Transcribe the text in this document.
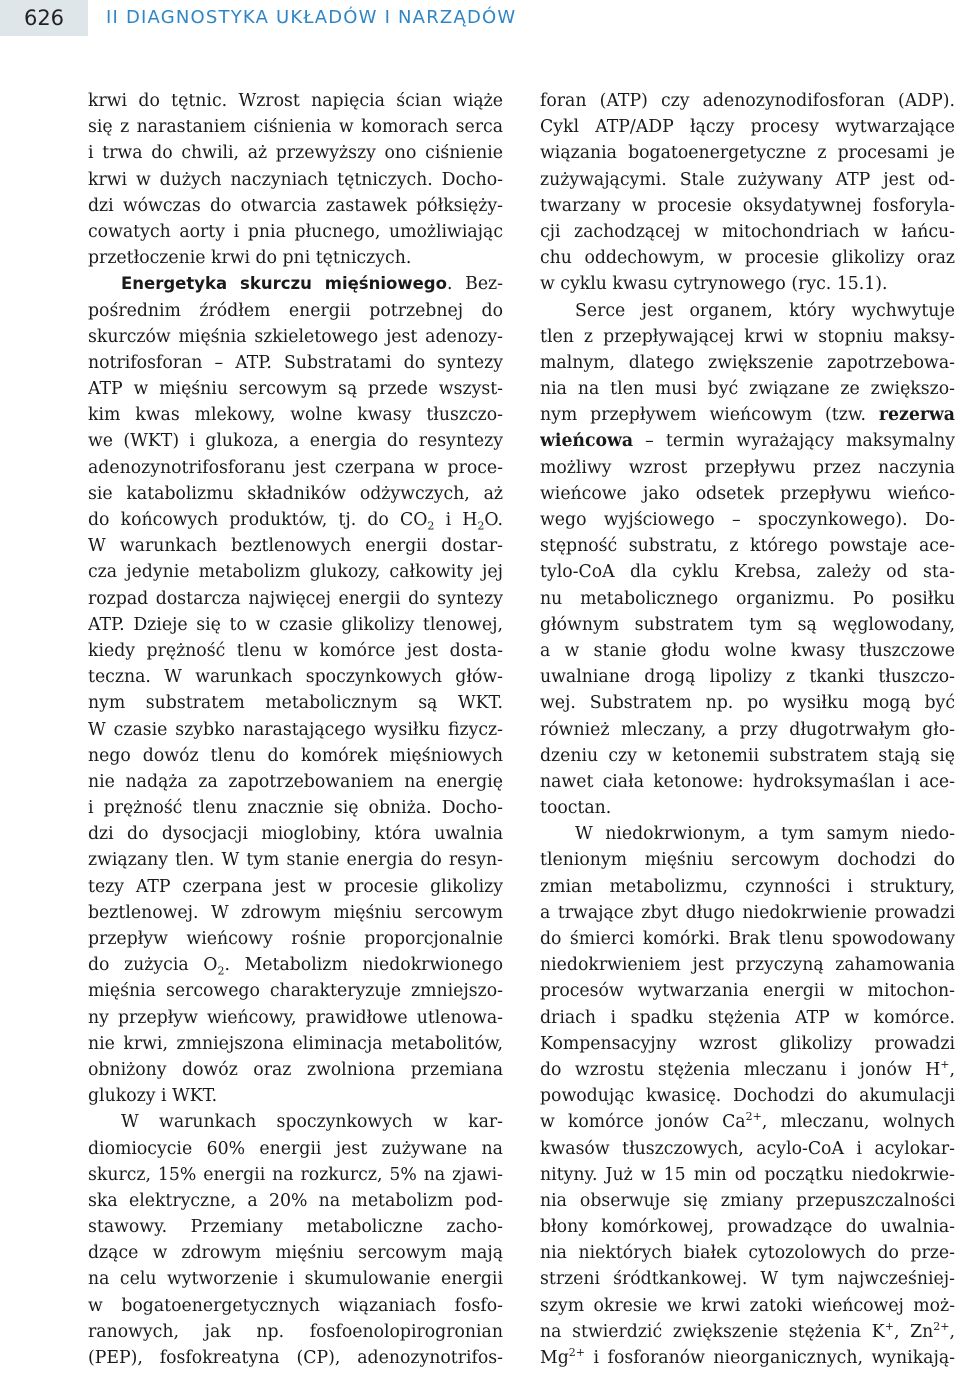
626	II DIAGNOSTYKA UKŁADÓW I NARZĄDÓW
krwi do tętnic. Wzrost napięcia ścian wiąże
się z narastaniem ciśnienia w komorach serca
i trwa do chwili, aż przewyższy ono ciśnienie
krwi w dużych naczyniach tętniczych. Docho-
dzi wówczas do otwarcia zastawek półksięży-
cowatych aorty i pnia płucnego, umożliwiając
przetłoczenie krwi do pni tętniczych.
Energetyka skurczu mięśniowego. Bez-
pośrednim źródłem energii potrzebnej do
skurczów mięśnia szkieletowego jest adenozy-
notrifosforan – ATP. Substratami do syntezy
ATP w mięśniu sercowym są przede wszyst-
kim kwas mlekowy, wolne kwasy tłuszczo-
we (WKT) i glukoza, a energia do resyntezy
adenozynotrifosforanu jest czerpana w proce-
sie katabolizmu składników odżywczych, aż
do końcowych produktów, tj. do $CO_2$ i $H_2O$.
W warunkach beztlenowych energii dostar-
cza jedynie metabolizm glukozy, całkowity jej
rozpad dostarcza najwięcej energii do syntezy
ATP. Dzieje się to w czasie glikolizy tlenowej,
kiedy prężność tlenu w komórce jest dosta-
teczna. W warunkach spoczynkowych głów-
nym substratem metabolicznym są WKT.
W czasie szybko narastającego wysiłku fizycz-
nego dowóz tlenu do komórek mięśniowych
nie nadąża za zapotrzebowaniem na energię
i prężność tlenu znacznie się obniża. Docho-
dzi do dysocjacji mioglobiny, która uwalnia
związany tlen. W tym stanie energia do resyn-
tezy ATP czerpana jest w procesie glikolizy
beztlenowej. W zdrowym mięśniu sercowym
przepływ wieńcowy rośnie proporcjonalnie
do zużycia $O_2$. Metabolizm niedokrwionego
mięśnia sercowego charakteryzuje zmniejszo-
ny przepływ wieńcowy, prawidłowe utlenowa-
nie krwi, zmniejszona eliminacja metabolitów,
obniżony dowóz oraz zwolniona przemiana
glukozy i WKT.
W warunkach spoczynkowych w kar-
diomiocycie 60% energii jest zużywane na
skurcz, 15% energii na rozkurcz, 5% na zjawi-
ska elektryczne, a 20% na metabolizm pod-
stawowy. Przemiany metaboliczne zacho-
dzące w zdrowym mięśniu sercowym mają
na celu wytworzenie i skumulowanie energii
w bogatoenergetycznych wiązaniach fosfo-
ranowych, jak np. fosfoenolopirogronian
(PEP), fosfokreatyna (CP), adenozynotrifos-
foran (ATP) czy adenozynodifosforan (ADP).
Cykl ATP/ADP łączy procesy wytwarzające
wiązania bogatoenergetyczne z procesami je
zużywającymi. Stale zużywany ATP jest od-
twarzany w procesie oksydatywnej fosforyla-
cji zachodzącej w mitochondriach w łańcu-
chu oddechowym, w procesie glikolizy oraz
w cyklu kwasu cytrynowego (ryc. 15.1).
Serce jest organem, który wychwytuje
tlen z przepływającej krwi w stopniu maksy-
malnym, dlatego zwiększenie zapotrzebowa-
nia na tlen musi być związane ze zwiększo-
nym przepływem wieńcowym (tzw. rezerwa
wieńcowa – termin wyrażający maksymalny
możliwy wzrost przepływu przez naczynia
wieńcowe jako odsetek przepływu wieńco-
wego wyjściowego – spoczynkowego). Do-
stępność substratu, z którego powstaje ace-
tylo-CoA dla cyklu Krebsa, zależy od sta-
nu metabolicznego organizmu. Po posiłku
głównym substratem tym są węglowodany,
a w stanie głodu wolne kwasy tłuszczowe
uwalniane drogą lipolizy z tkanki tłuszczo-
wej. Substratem np. po wysiłku mogą być
również mleczany, a przy długotrwałym gło-
dzeniu czy w ketonemii substratem stają się
nawet ciała ketonowe: hydroksymaślan i ace-
tooctan.
W niedokrwionym, a tym samym niedo-
tlenionym mięśniu sercowym dochodzi do
zmian metabolizmu, czynności i struktury,
a trwające zbyt długo niedokrwienie prowadzi
do śmierci komórki. Brak tlenu spowodowany
niedokrwieniem jest przyczyną zahamowania
procesów wytwarzania energii w mitochon-
driach i spadku stężenia ATP w komórce.
Kompensacyjny wzrost glikolizy prowadzi
do wzrostu stężenia mleczanu i jonów H+,
powodując kwasicę. Dochodzi do akumulacji
w komórce jonów $Ca^{2+}$, mleczanu, wolnych
kwasów tłuszczowych, acylo-CoA i acylokar-
nityny. Już w 15 min od początku niedokrwie-
nia obserwuje się zmiany przepuszczalności
błony komórkowej, prowadzące do uwalnia-
nia niektórych białek cytozolowych do prze-
strzeni śródtkankowej. W tym najwcześniej-
szym okresie we krwi zatoki wieńcowej moż-
na stwierdzić zwiększenie stężenia K+, $Zn^{2+}$,
$Mg^{2+}$ i fosforanów nieorganicznych, wynikają-
